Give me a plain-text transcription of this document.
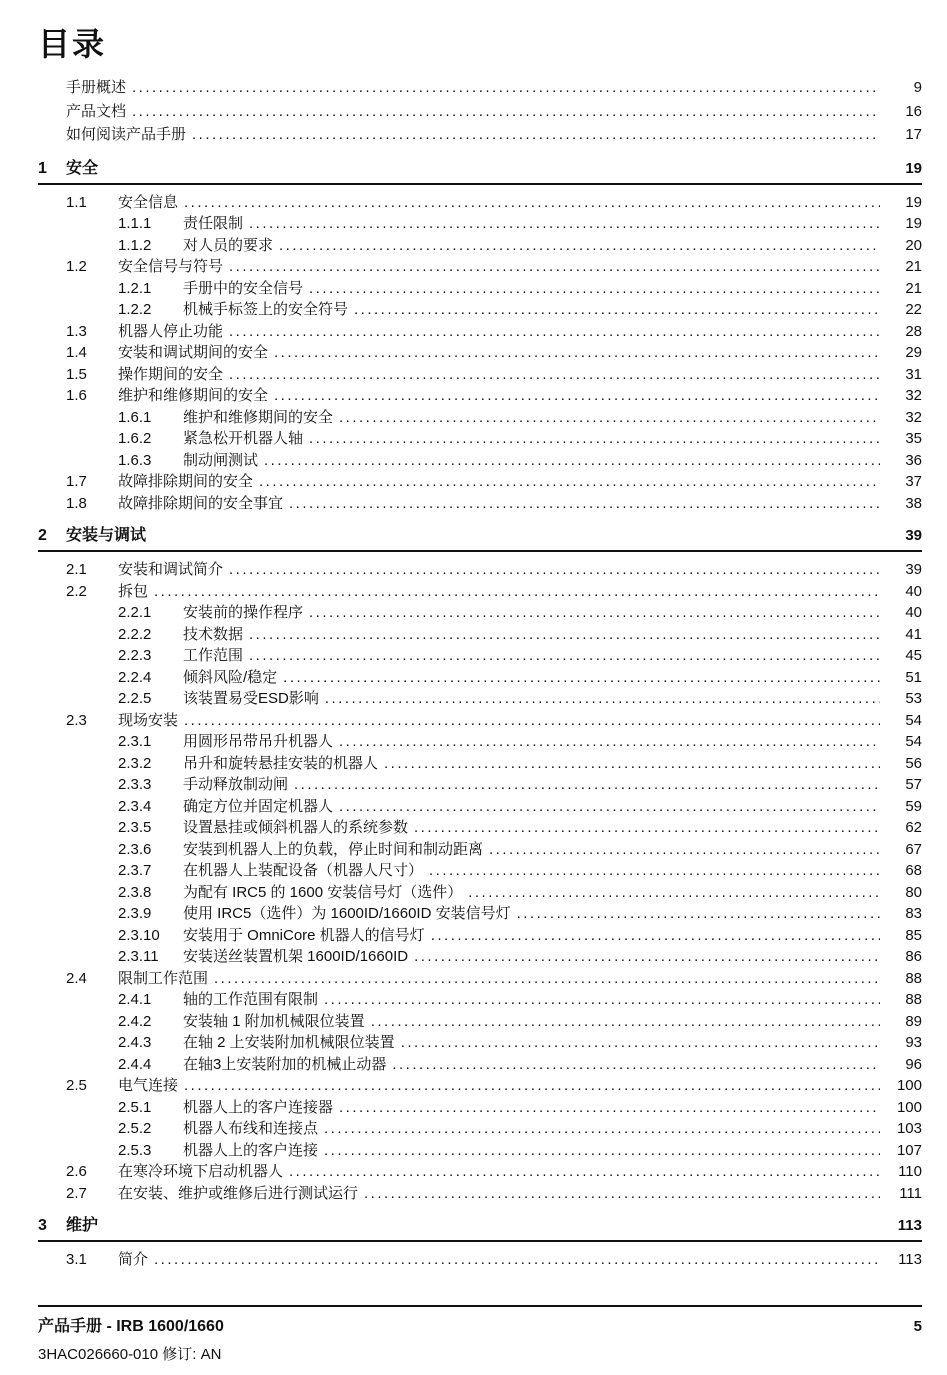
目录
手册概述 .....	9
产品文档 .....	16
如何阅读产品手册 .....	17
1	安全	19
1.1	安全信息 .....	19
1.1.1	责任限制 .....	19
1.1.2	对人员的要求 .....	20
1.2	安全信号与符号 .....	21
1.2.1	手册中的安全信号 .....	21
1.2.2	机械手标签上的安全符号 .....	22
1.3	机器人停止功能 .....	28
1.4	安装和调试期间的安全 .....	29
1.5	操作期间的安全 .....	31
1.6	维护和维修期间的安全 .....	32
1.6.1	维护和维修期间的安全 .....	32
1.6.2	紧急松开机器人轴 .....	35
1.6.3	制动闸测试 .....	36
1.7	故障排除期间的安全 .....	37
1.8	故障排除期间的安全事宜 .....	38
2	安装与调试	39
2.1	安装和调试简介 .....	39
2.2	拆包 .....	40
2.2.1	安装前的操作程序 .....	40
2.2.2	技术数据 .....	41
2.2.3	工作范围 .....	45
2.2.4	倾斜风险/稳定 .....	51
2.2.5	该装置易受ESD影响 .....	53
2.3	现场安装 .....	54
2.3.1	用圆形吊带吊升机器人 .....	54
2.3.2	吊升和旋转悬挂安装的机器人 .....	56
2.3.3	手动释放制动闸 .....	57
2.3.4	确定方位并固定机器人 .....	59
2.3.5	设置悬挂或倾斜机器人的系统参数 .....	62
2.3.6	安装到机器人上的负载，停止时间和制动距离 .....	67
2.3.7	在机器人上装配设备（机器人尺寸） .....	68
2.3.8	为配有 IRC5 的 1600 安装信号灯（选件） .....	80
2.3.9	使用 IRC5（选件）为 1600ID/1660ID 安装信号灯 .....	83
2.3.10	安装用于 OmniCore 机器人的信号灯 .....	85
2.3.11	安装送丝装置机架 1600ID/1660ID .....	86
2.4	限制工作范围 .....	88
2.4.1	轴的工作范围有限制 .....	88
2.4.2	安装轴 1 附加机械限位装置 .....	89
2.4.3	在轴 2 上安装附加机械限位装置 .....	93
2.4.4	在轴3上安装附加的机械止动器 .....	96
2.5	电气连接 .....	100
2.5.1	机器人上的客户连接器 .....	100
2.5.2	机器人布线和连接点 .....	103
2.5.3	机器人上的客户连接 .....	107
2.6	在寒冷环境下启动机器人 .....	110
2.7	在安装、维护或维修后进行测试运行 .....	111
3	维护	113
3.1	简介 .....	113
产品手册 - IRB 1600/1660	5
3HAC026660-010 修订: AN
